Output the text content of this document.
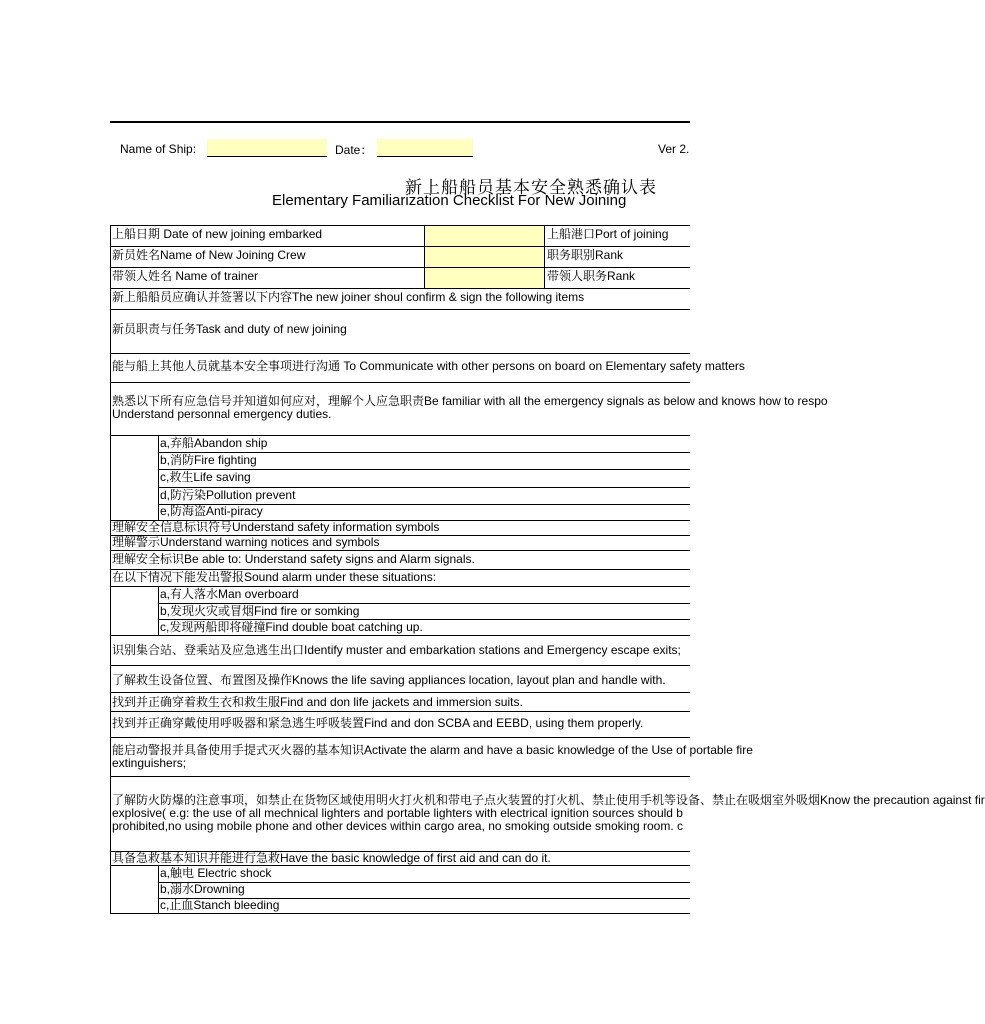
Name of Ship:	Date：	Ver 2.
新上船船员基本安全熟悉确认表
Elementary Familiarization Checklist For New Joining
上船日期 Date of new joining embarked	上船港口Port of joining
新员姓名Name of New Joining Crew	职务职别Rank
带领人姓名 Name of trainer	带领人职务Rank
新上船船员应确认并签署以下内容The new joiner shoul confirm & sign the following items
新员职责与任务Task and duty of new joining
能与船上其他人员就基本安全事项进行沟通 To Communicate with other persons on board on Elementary safety matters
熟悉以下所有应急信号并知道如何应对，理解个人应急职责Be familiar with all the emergency signals as below and knows how to respo
Understand personnal emergency duties.
a,弃船Abandon ship
b,消防Fire fighting
c,救生Life saving
d,防污染Pollution prevent
e,防海盗Anti-piracy
理解安全信息标识符号Understand safety information symbols
理解警示Understand warning notices and symbols
理解安全标识Be able to: Understand safety signs and Alarm signals.
在以下情况下能发出警报Sound alarm under these situations:
a,有人落水Man overboard
b,发现火灾或冒烟Find fire or somking
c,发现两船即将碰撞Find double boat catching up.
识别集合站、登乘站及应急逃生出口Identify muster and embarkation stations and Emergency escape exits;
了解救生设备位置、布置图及操作Knows the life saving appliances location, layout plan and handle with.
找到并正确穿着救生衣和救生服Find and don life jackets and immersion suits.
找到并正确穿戴使用呼吸器和紧急逃生呼吸装置Find and don SCBA and EEBD, using them properly.
能启动警报并具备使用手提式灭火器的基本知识Activate the alarm and have a basic knowledge of the Use of portable fire
extinguishers;
了解防火防爆的注意事项，如禁止在货物区域使用明火打火机和带电子点火装置的打火机、禁止使用手机等设备、禁止在吸烟室外吸烟Know the precaution against fir
explosive( e.g: the use of all mechnical lighters and portable lighters with electrical ignition sources should b
prohibited,no using mobile phone and other devices within cargo area, no smoking outside smoking room. c
具备急救基本知识并能进行急救Have the basic knowledge of first aid and can do it.
a,触电 Electric shock
b,溺水Drowning
c,止血Stanch bleeding
